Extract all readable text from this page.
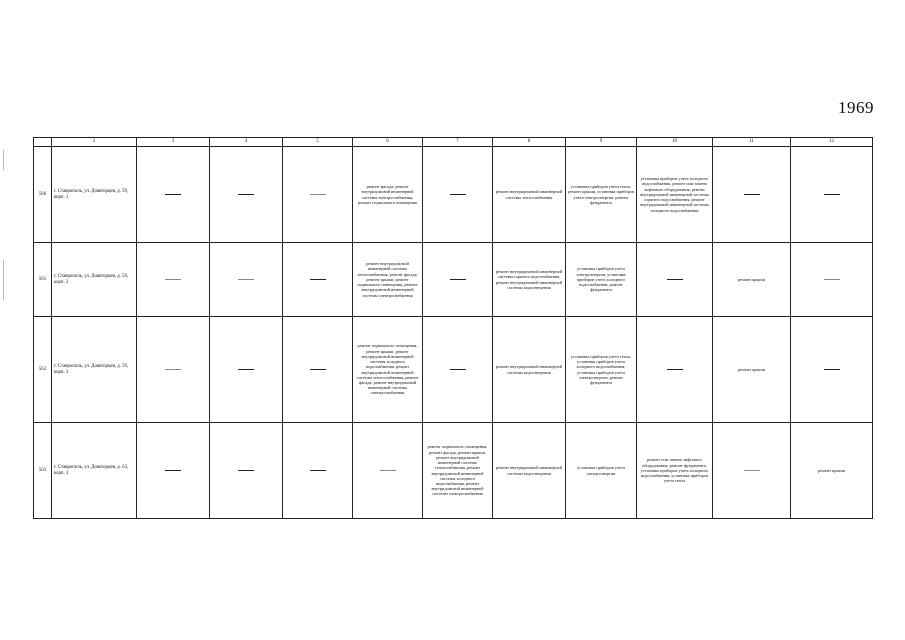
1969
	2	3	4	5	6	7	8	9	10	11	12
560	г. Ставрополь, ул. Доваторцев, д. 59, корп. 1				ремонт фасада, ремонт внутридомовой инженерной системы электроснабжения, ремонт подвального помещения		ремонт внутридомовой инженерной системы теплоснабжения	установка приборов учета тепла, ремонт крыши, установка приборов учета электроэнергии, ремонт фундамента	установка приборов учета холодного водоснабжения, ремонт или замена лифтового оборудования, ремонт внутридомовой инженерной системы горячего водоснабжения, ремонт внутридомовой инженерной системы холодного водоснабжения		
561	г. Ставрополь, ул. Доваторцев, д. 59, корп. 2				ремонт внутридомовой инженерной системы теплоснабжения, ремонт фасада, ремонт крыши, ремонт подвального помещения, ремонт внутридомовой инженерной системы электроснабжения		ремонт внутридомовой инженерной системы горячего водоснабжения, ремонт внутридомовой инженерной системы водоотведения	установка приборов учета электроэнергии, установка приборов учета холодного водоснабжения, ремонт фундамента		ремонт крыши	
562	г. Ставрополь, ул. Доваторцев, д. 59, корп. 3				ремонт подвального помещения, ремонт крыши, ремонт внутридомовой инженерной системы холодного водоснабжения, ремонт внутридомовой инженерной системы теплоснабжения, ремонт фасада, ремонт внутридомовой инженерной системы электроснабжения		ремонт внутридомовой инженерной системы водоотведения	установка приборов учета тепла, установка приборов учета холодного водоснабжения, установка приборов учета электроэнергии, ремонт фундамента		ремонт крыши	
563	г. Ставрополь, ул. Доваторцев, д. 63, корп. 3					ремонт подвального помещения, ремонт фасада, ремонт крыши, ремонт внутридомовой инженерной системы теплоснабжения, ремонт внутридомовой инженерной системы холодного водоснабжения, ремонт внутридомовой инженерной системы электроснабжения	ремонт внутридомовой инженерной системы водоотведения	установка приборов учета электроэнергии	ремонт или замена лифтового оборудования, ремонт фундамента, установка приборов учета холодного водоснабжения, установка приборов учета тепла		ремонт крыши
